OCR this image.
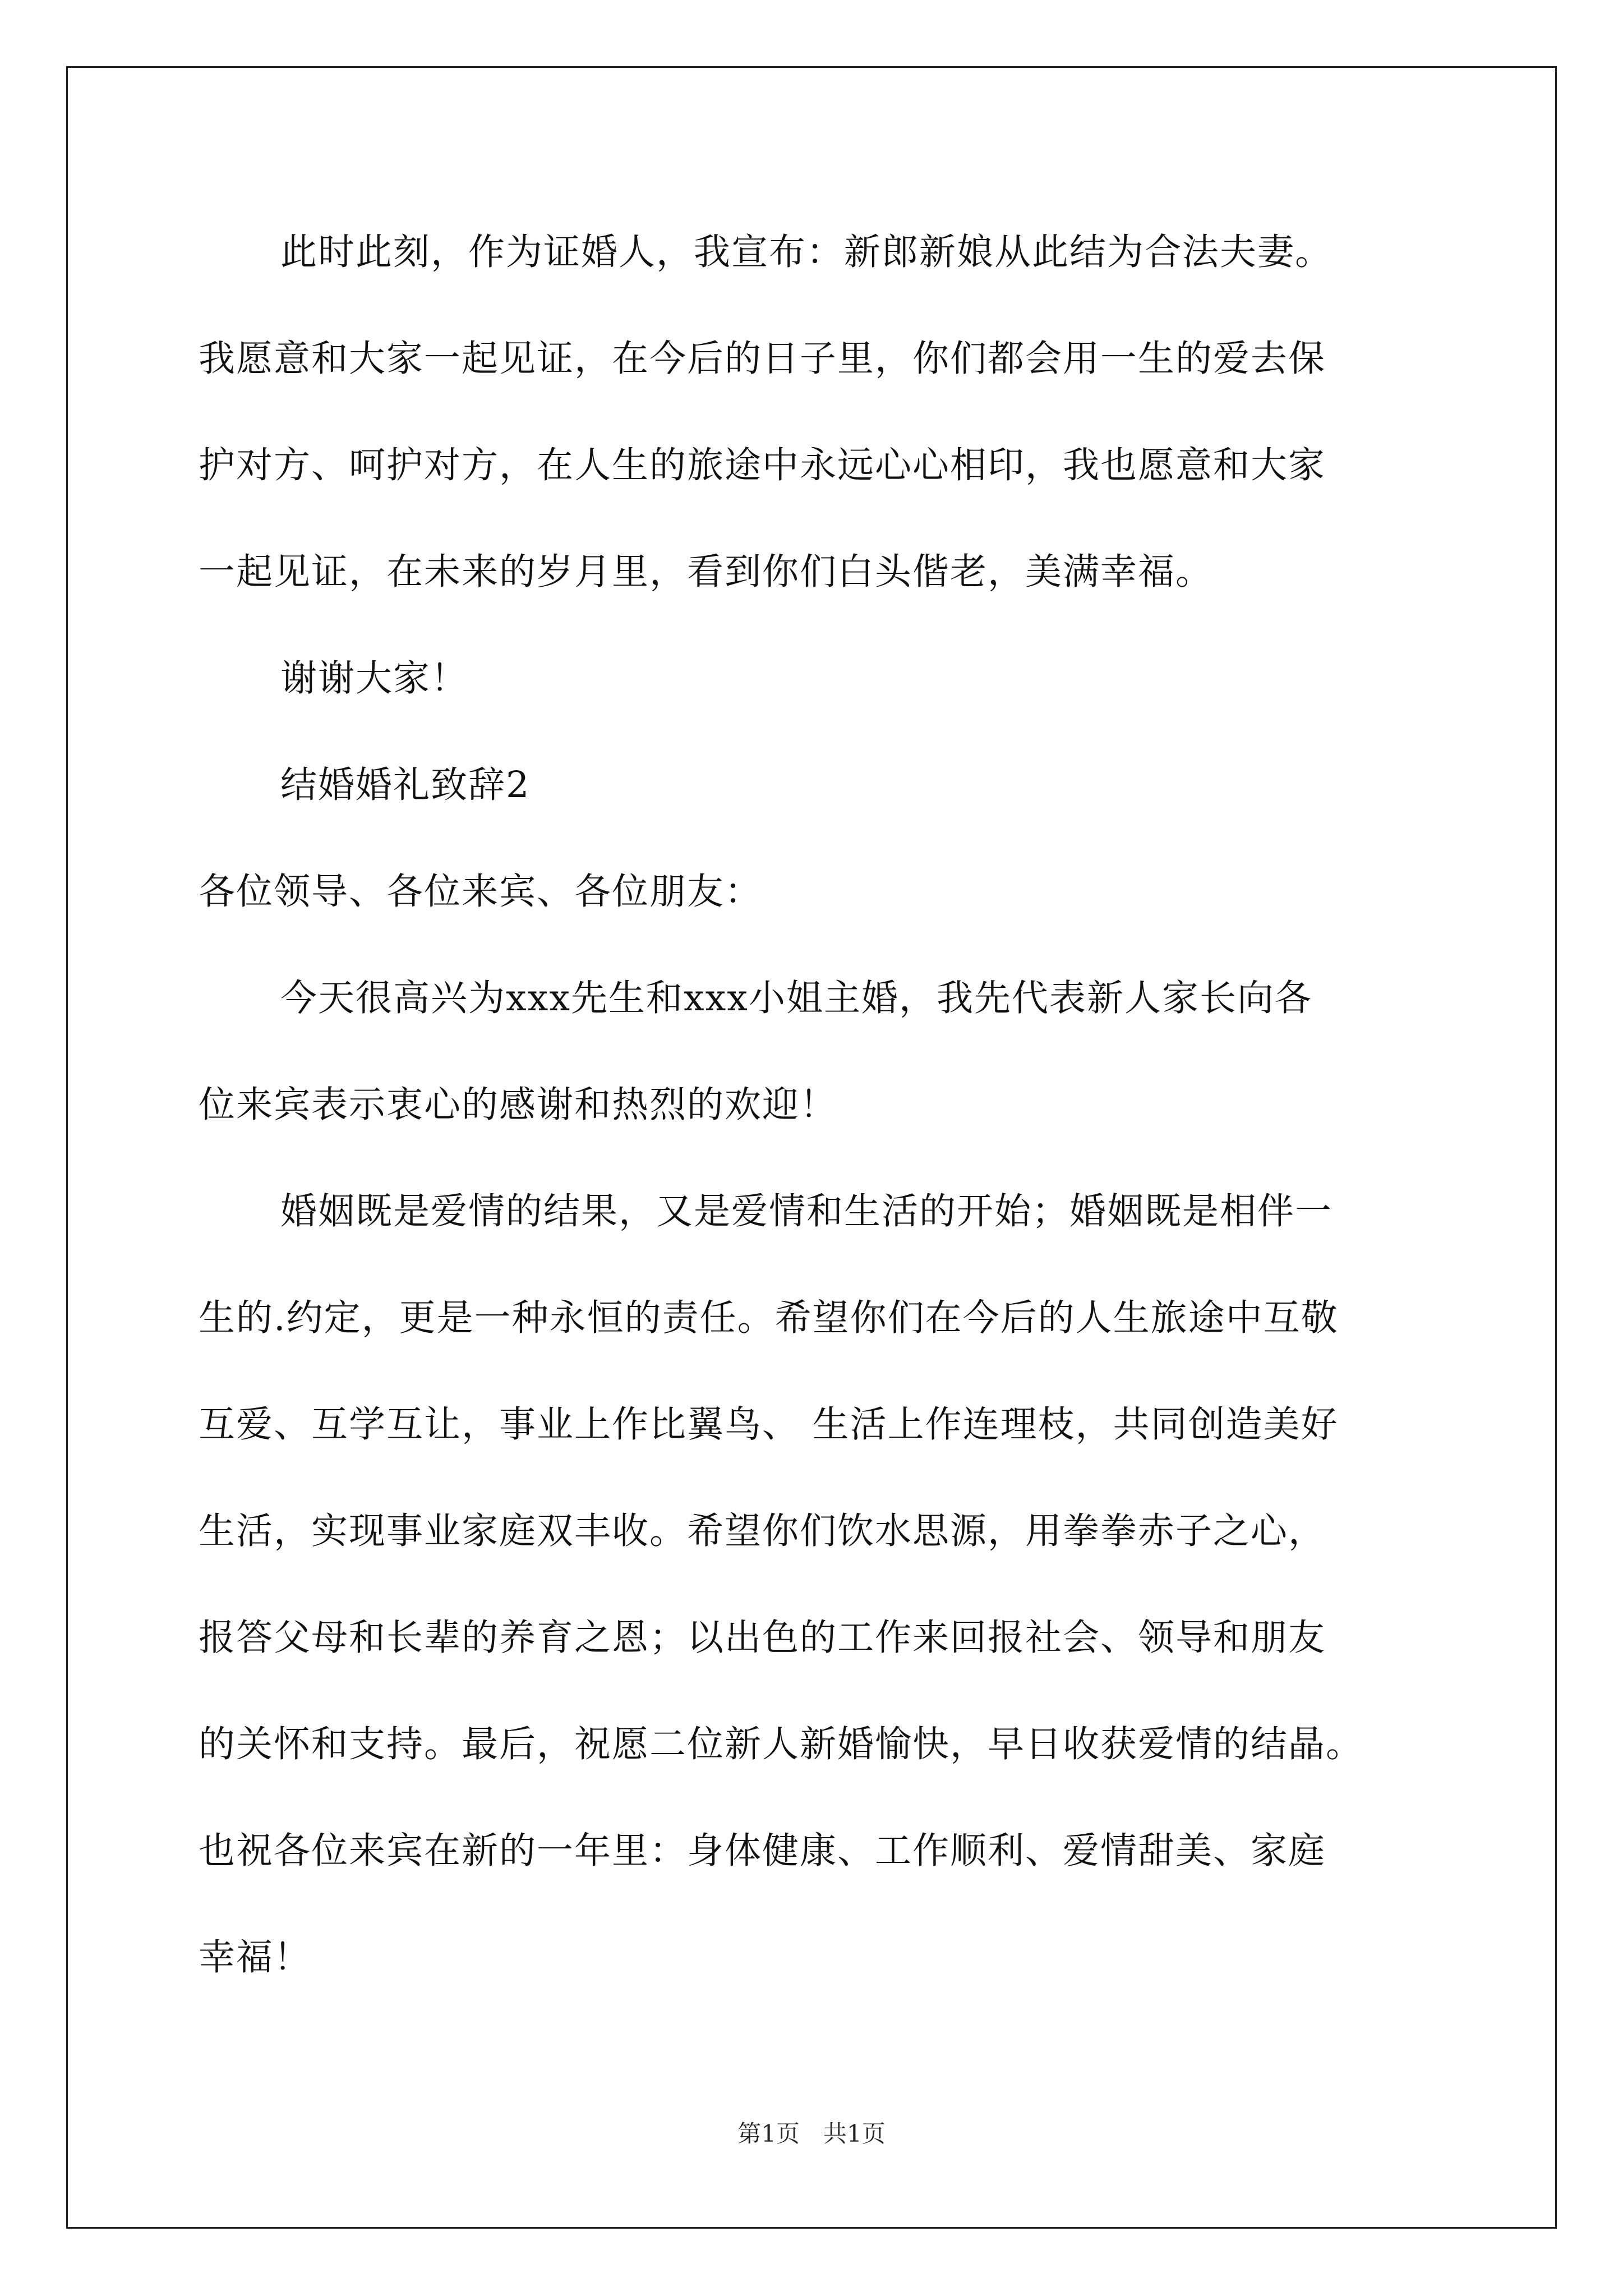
此时此刻，作为证婚人，我宣布：新郎新娘从此结为合法夫妻。
我愿意和大家一起见证，在今后的日子里，你们都会用一生的爱去保
护对方、呵护对方，在人生的旅途中永远心心相印，我也愿意和大家
一起见证，在未来的岁月里，看到你们白头偕老，美满幸福。
谢谢大家！
结婚婚礼致辞2
各位领导、各位来宾、各位朋友：
今天很高兴为xxx先生和xxx小姐主婚，我先代表新人家长向各
位来宾表示衷心的感谢和热烈的欢迎！
婚姻既是爱情的结果，又是爱情和生活的开始；婚姻既是相伴一
生的.约定，更是一种永恒的责任。希望你们在今后的人生旅途中互敬
互爱、互学互让，事业上作比翼鸟、 生活上作连理枝，共同创造美好
生活，实现事业家庭双丰收。希望你们饮水思源，用拳拳赤子之心，
报答父母和长辈的养育之恩；以出色的工作来回报社会、领导和朋友
的关怀和支持。最后，祝愿二位新人新婚愉快，早日收获爱情的结晶。
也祝各位来宾在新的一年里：身体健康、工作顺利、爱情甜美、家庭
幸福！
第1页　共1页
